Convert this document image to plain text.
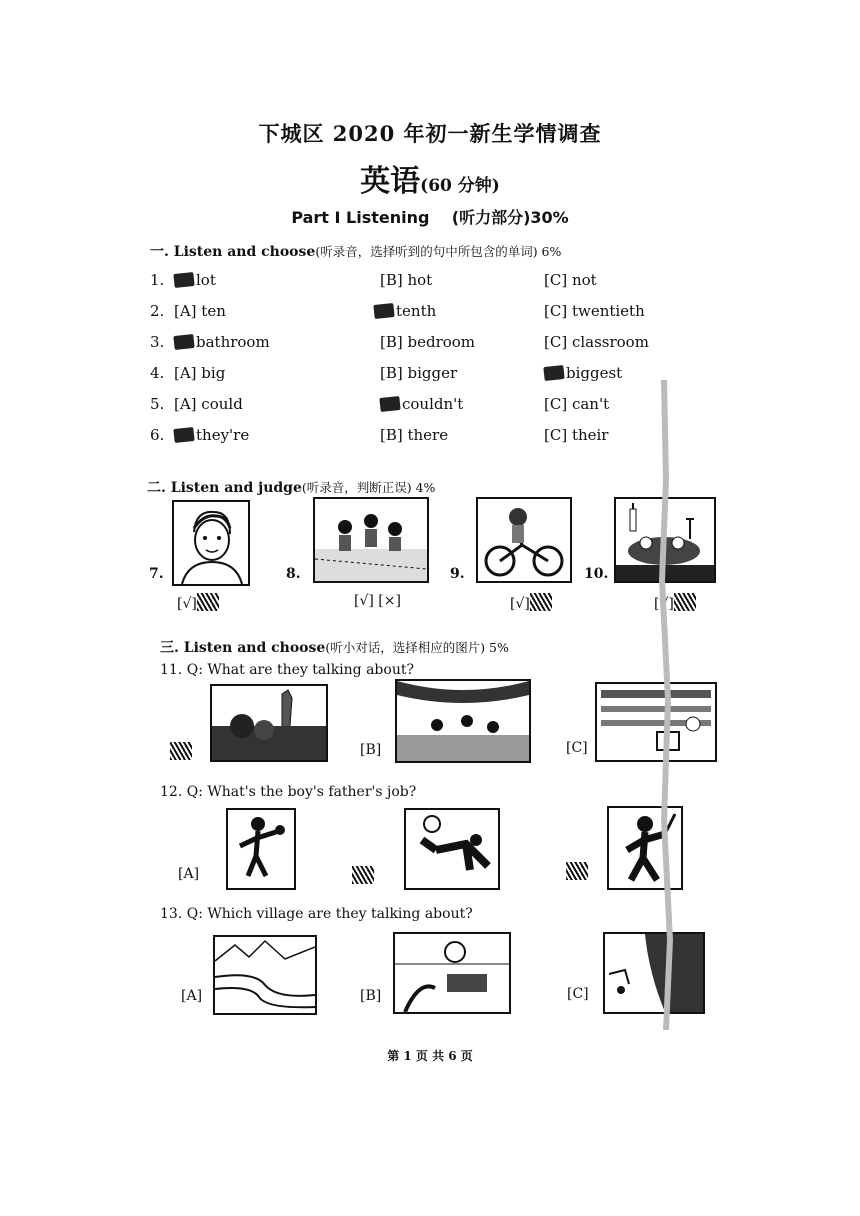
下城区 2020 年初一新生学情调查
英语(60 分钟)
Part Ⅰ Listening (听力部分)30%
一. Listen and choose(听录音，选择听到的句中所包含的单词) 6%
1.	lot	[B] hot	[C] not
2. [A] ten	tenth	[C] twentieth
3.	bathroom	[B] bedroom	[C] classroom
4. [A] big	[B] bigger	biggest
5. [A] could	couldn't	[C] can't
6.	they're	[B] there	[C] their
二. Listen and judge(听录音，判断正误) 4%
7.	8.	9.	10.
[√]	[√] [×]	[√]	[√]
三. Listen and choose(听小对话，选择相应的图片) 5%
11. Q: What are they talking about?
[B]	[C]
12. Q: What's the boy's father's job?
[A]
13. Q: Which village are they talking about?
[A]	[B]	[C]
第 1 页 共 6 页
